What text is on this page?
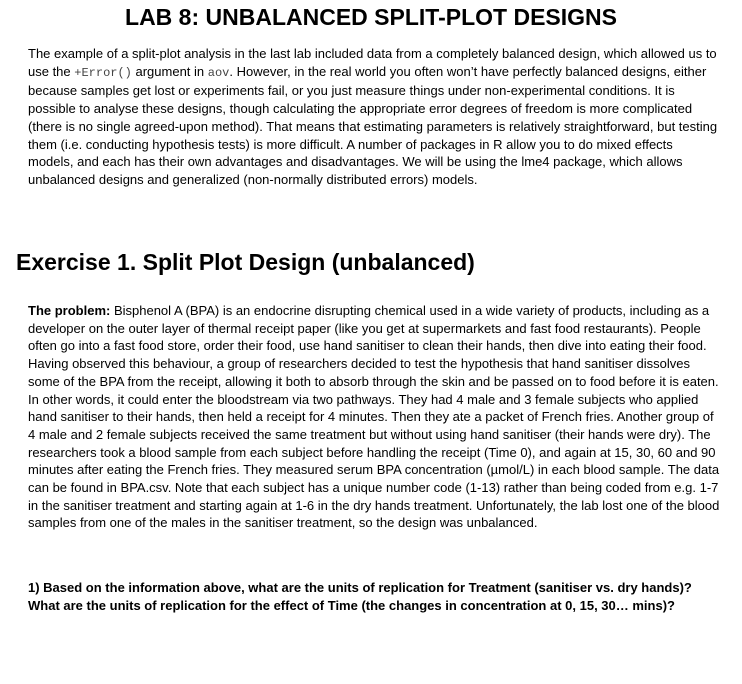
LAB 8: UNBALANCED SPLIT-PLOT DESIGNS

The example of a split-plot analysis in the last lab included data from a completely balanced design, which allowed us to use the +Error() argument in aov. However, in the real world you often won’t have perfectly balanced designs, either because samples get lost or experiments fail, or you just measure things under non-experimental conditions. It is possible to analyse these designs, though calculating the appropriate error degrees of freedom is more complicated (there is no single agreed-upon method). That means that estimating parameters is relatively straightforward, but testing them (i.e. conducting hypothesis tests) is more difficult. A number of packages in R allow you to do mixed effects models, and each has their own advantages and disadvantages. We will be using the lme4 package, which allows unbalanced designs and generalized (non-normally distributed errors) models.

Exercise 1. Split Plot Design (unbalanced)

The problem: Bisphenol A (BPA) is an endocrine disrupting chemical used in a wide variety of products, including as a developer on the outer layer of thermal receipt paper (like you get at supermarkets and fast food restaurants). People often go into a fast food store, order their food, use hand sanitiser to clean their hands, then dive into eating their food. Having observed this behaviour, a group of researchers decided to test the hypothesis that hand sanitiser dissolves some of the BPA from the receipt, allowing it both to absorb through the skin and be passed on to food before it is eaten. In other words, it could enter the bloodstream via two pathways. They had 4 male and 3 female subjects who applied hand sanitiser to their hands, then held a receipt for 4 minutes. Then they ate a packet of French fries. Another group of 4 male and 2 female subjects received the same treatment but without using hand sanitiser (their hands were dry). The researchers took a blood sample from each subject before handling the receipt (Time 0), and again at 15, 30, 60 and 90 minutes after eating the French fries. They measured serum BPA concentration (µmol/L) in each blood sample. The data can be found in BPA.csv. Note that each subject has a unique number code (1-13) rather than being coded from e.g. 1-7 in the sanitiser treatment and starting again at 1-6 in the dry hands treatment. Unfortunately, the lab lost one of the blood samples from one of the males in the sanitiser treatment, so the design was unbalanced.

1) Based on the information above, what are the units of replication for Treatment (sanitiser vs. dry hands)? What are the units of replication for the effect of Time (the changes in concentration at 0, 15, 30… mins)?
